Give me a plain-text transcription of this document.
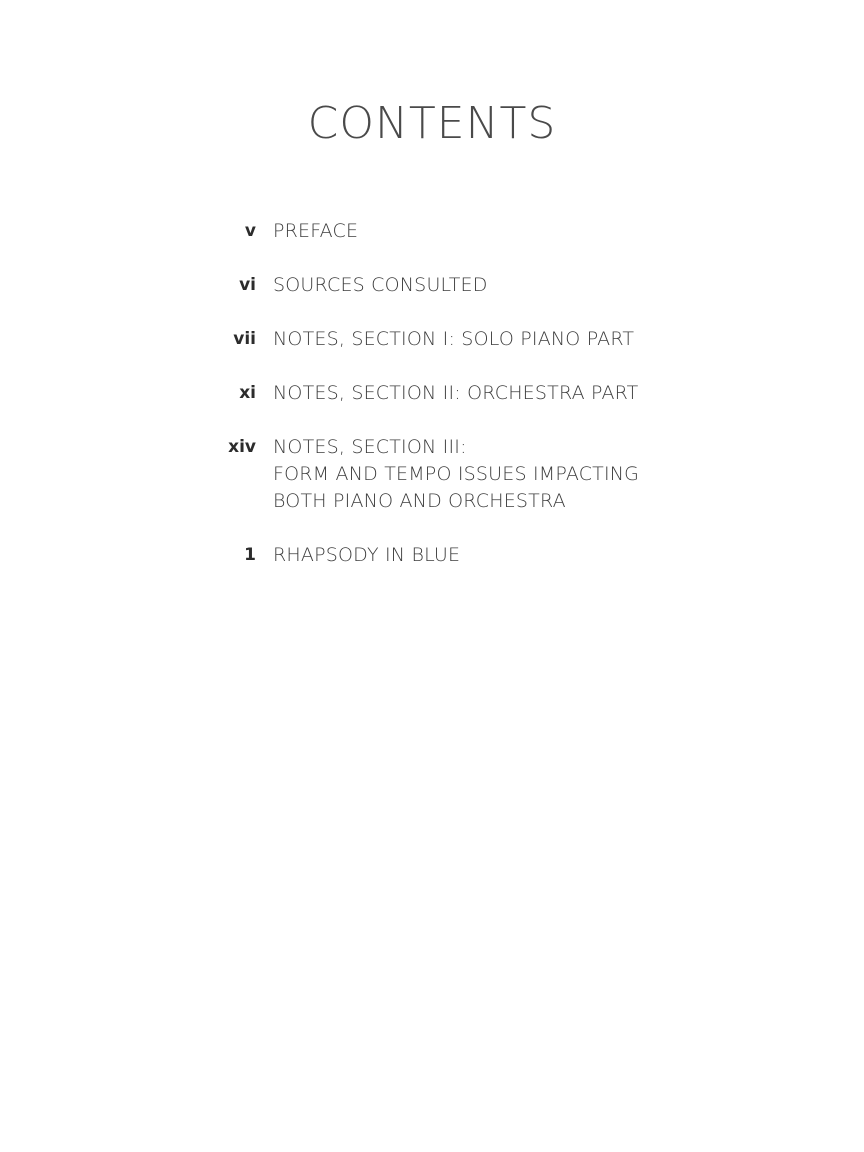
CONTENTS
v PREFACE
vi SOURCES CONSULTED
vii NOTES, SECTION I: SOLO PIANO PART
xi NOTES, SECTION II: ORCHESTRA PART
xiv NOTES, SECTION III:
FORM AND TEMPO ISSUES IMPACTING
BOTH PIANO AND ORCHESTRA
1 RHAPSODY IN BLUE
